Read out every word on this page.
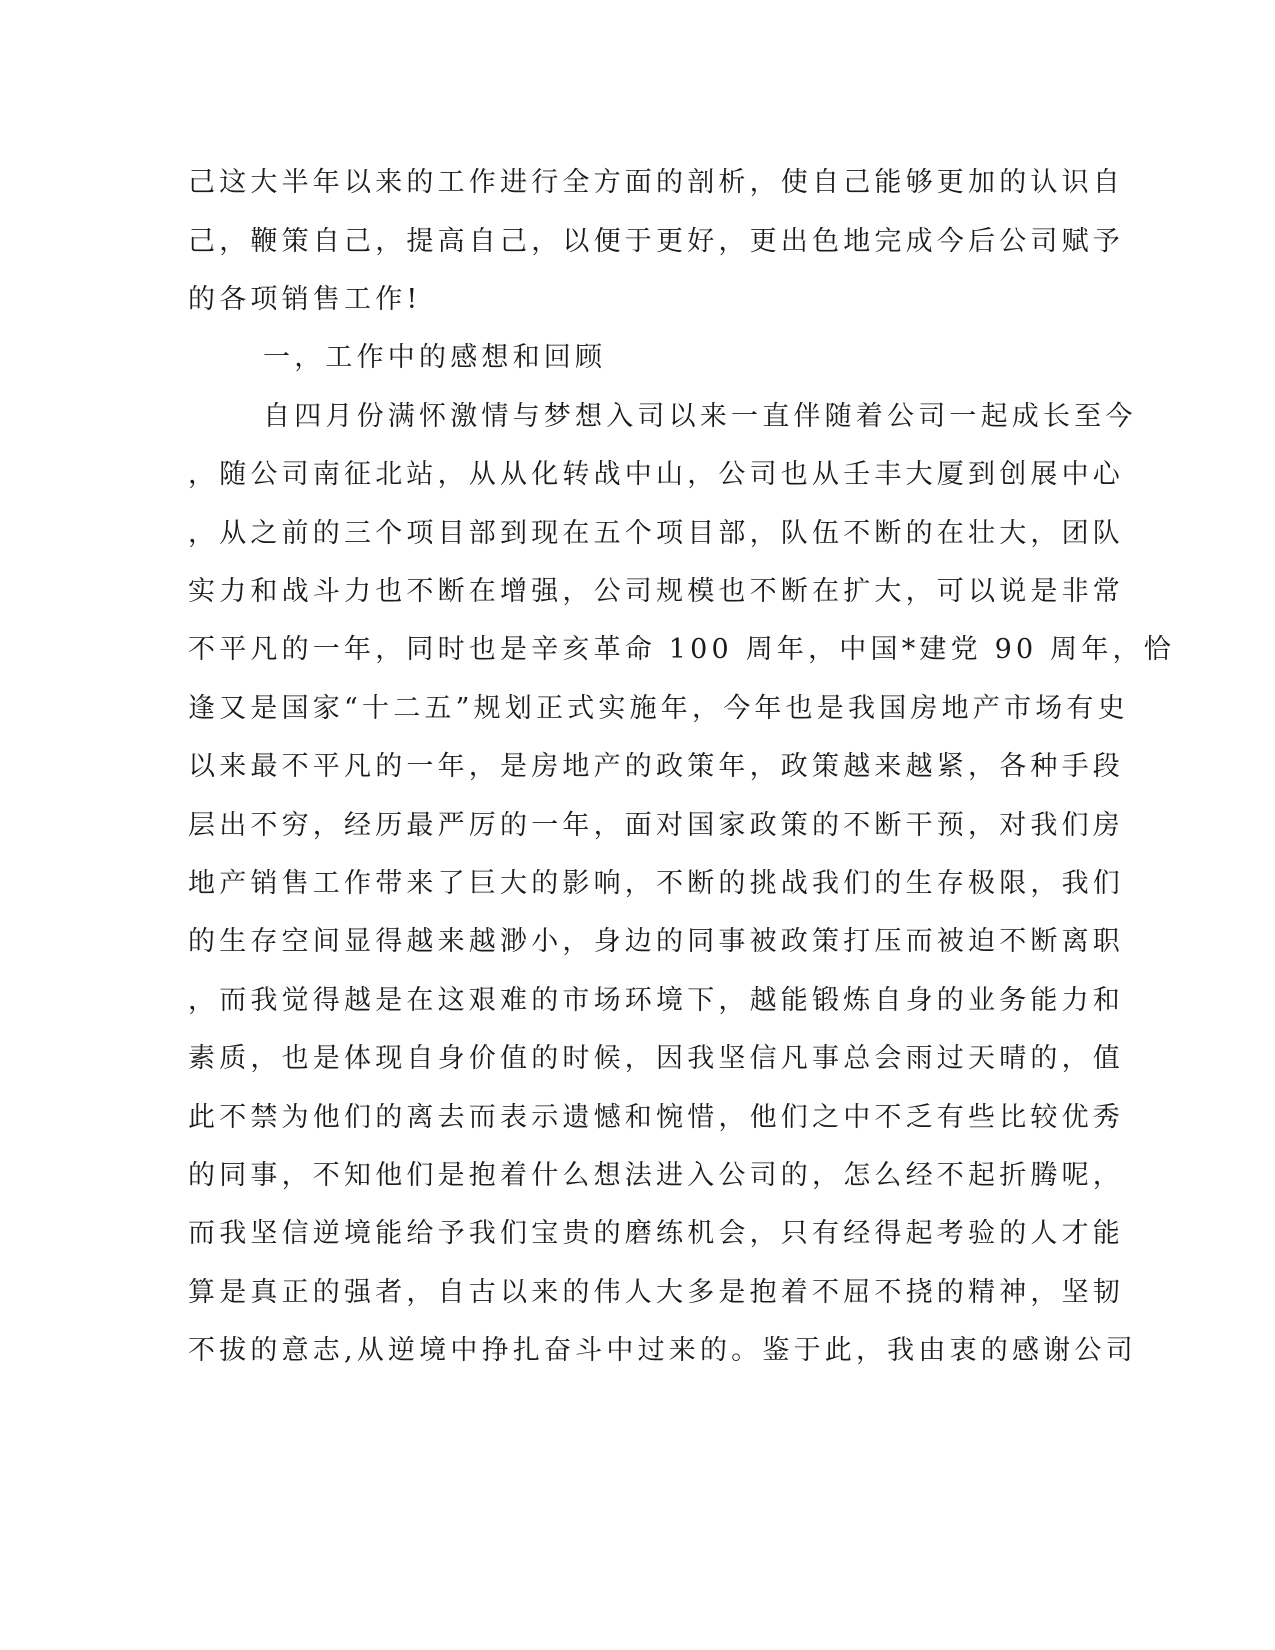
己这大半年以来的工作进行全方面的剖析，使自己能够更加的认识自

己，鞭策自己，提高自己，以便于更好，更出色地完成今后公司赋予

的各项销售工作!

一，工作中的感想和回顾

自四月份满怀激情与梦想入司以来一直伴随着公司一起成长至今

，随公司南征北站，从从化转战中山，公司也从壬丰大厦到创展中心

，从之前的三个项目部到现在五个项目部，队伍不断的在壮大，团队

实力和战斗力也不断在增强，公司规模也不断在扩大，可以说是非常

不平凡的一年，同时也是辛亥革命 100 周年，中国*建党 90 周年，恰

逢又是国家“十二五”规划正式实施年，今年也是我国房地产市场有史

以来最不平凡的一年，是房地产的政策年，政策越来越紧，各种手段

层出不穷，经历最严厉的一年，面对国家政策的不断干预，对我们房

地产销售工作带来了巨大的影响，不断的挑战我们的生存极限，我们

的生存空间显得越来越渺小，身边的同事被政策打压而被迫不断离职

，而我觉得越是在这艰难的市场环境下，越能锻炼自身的业务能力和

素质，也是体现自身价值的时候，因我坚信凡事总会雨过天晴的，值

此不禁为他们的离去而表示遗憾和惋惜，他们之中不乏有些比较优秀

的同事，不知他们是抱着什么想法进入公司的，怎么经不起折腾呢，

而我坚信逆境能给予我们宝贵的磨练机会，只有经得起考验的人才能

算是真正的强者，自古以来的伟人大多是抱着不屈不挠的精神，坚韧

不拔的意志,从逆境中挣扎奋斗中过来的。鉴于此，我由衷的感谢公司
